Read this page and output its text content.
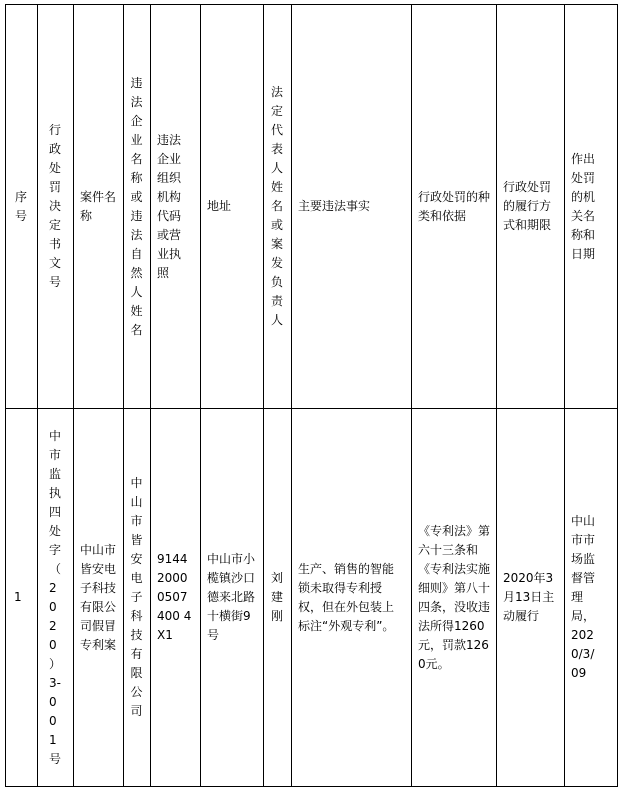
序号	行政处罚决定书文号	案件名称	违法企业名称或违法自然人姓名	违法企业组织机构代码或营业执照	地址	法定代表人姓名或案发负责人	主要违法事实	行政处罚的种类和依据	行政处罚的履行方式和期限	作出处罚的机关名称和日期

1	中市监执四处字（2020）3-001号	中山市皆安电子科技有限公司假冒专利案	中山市皆安电子科技有限公司	914420000507400 4X1	中山市小榄镇沙口德来北路十横街9号	刘建刚	生产、销售的智能锁未取得专利授权，但在外包装上标注“外观专利”。	《专利法》第六十三条和《专利法实施细则》第八十四条，没收违法所得1260元，罚款1260元。	2020年3月13日主动履行	中山市市场监督管理局，2020/3/09
